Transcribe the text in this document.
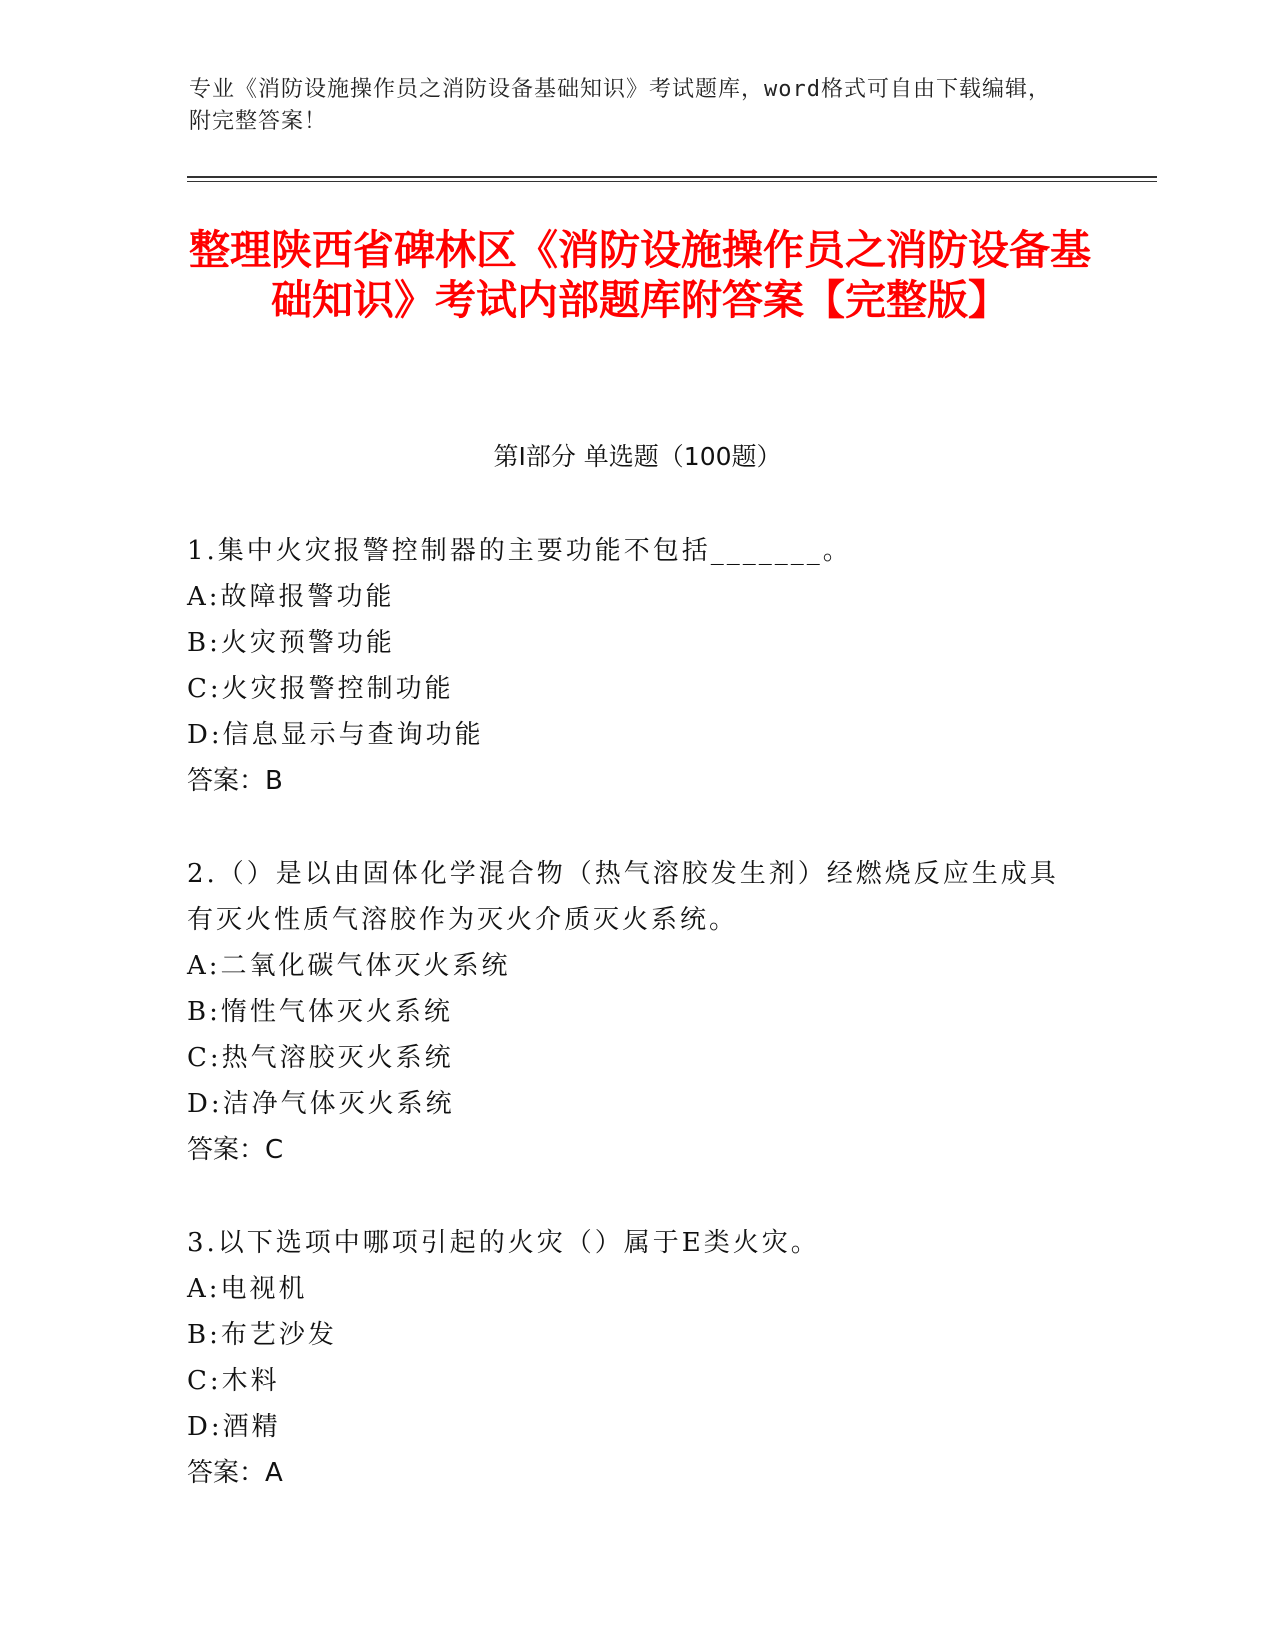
专业《消防设施操作员之消防设备基础知识》考试题库，word格式可自由下载编辑，附完整答案！
整理陕西省碑林区《消防设施操作员之消防设备基础知识》考试内部题库附答案【完整版】
第Ⅰ部分 单选题（100题）
1.集中火灾报警控制器的主要功能不包括_______。
A:故障报警功能
B:火灾预警功能
C:火灾报警控制功能
D:信息显示与查询功能
答案：B
2.（）是以由固体化学混合物（热气溶胶发生剂）经燃烧反应生成具有灭火性质气溶胶作为灭火介质灭火系统。
A:二氧化碳气体灭火系统
B:惰性气体灭火系统
C:热气溶胶灭火系统
D:洁净气体灭火系统
答案：C
3.以下选项中哪项引起的火灾（）属于E类火灾。
A:电视机
B:布艺沙发
C:木料
D:酒精
答案：A
